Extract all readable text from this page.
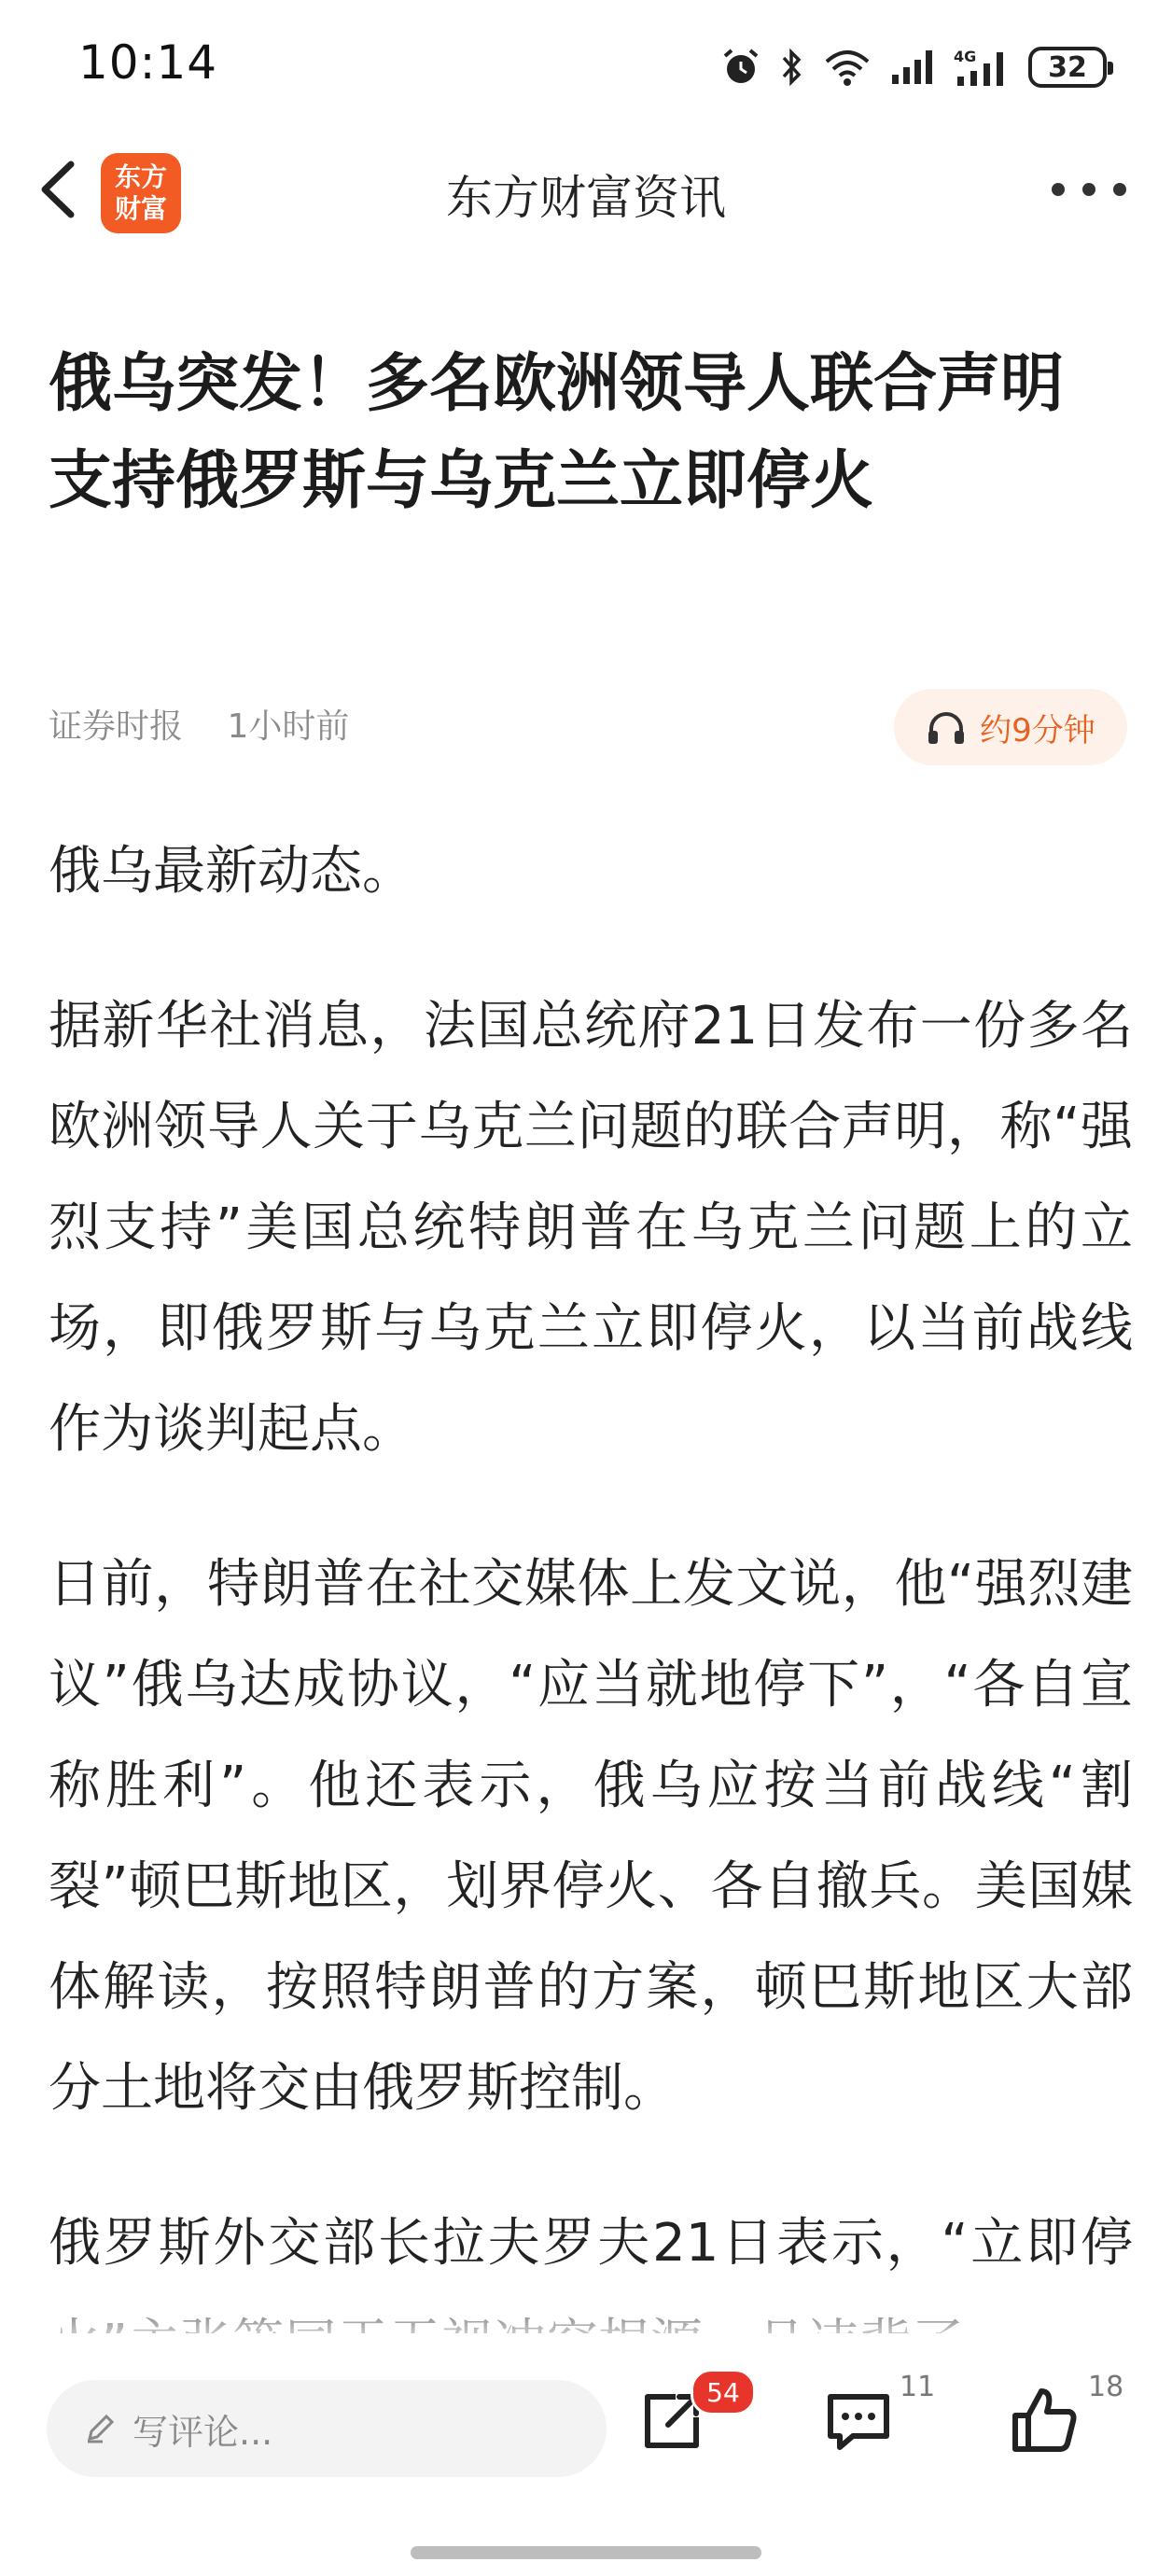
10:14	4G	32
东方
财富	东方财富资讯
俄乌突发！多名欧洲领导人联合声明 支持俄罗斯与乌克兰立即停火
证券时报 1小时前	约9分钟

俄乌最新动态。

据新华社消息，法国总统府21日发布一份多名欧洲领导人关于乌克兰问题的联合声明，称“强烈支持”美国总统特朗普在乌克兰问题上的立场，即俄罗斯与乌克兰立即停火，以当前战线作为谈判起点。

日前，特朗普在社交媒体上发文说，他“强烈建议”俄乌达成协议，“应当就地停下”，“各自宣称胜利”。他还表示，俄乌应按当前战线“割裂”顿巴斯地区，划界停火、各自撤兵。美国媒体解读，按照特朗普的方案，顿巴斯地区大部分土地将交由俄罗斯控制。

俄罗斯外交部长拉夫罗夫21日表示，“立即停

写评论...
54	11	18
